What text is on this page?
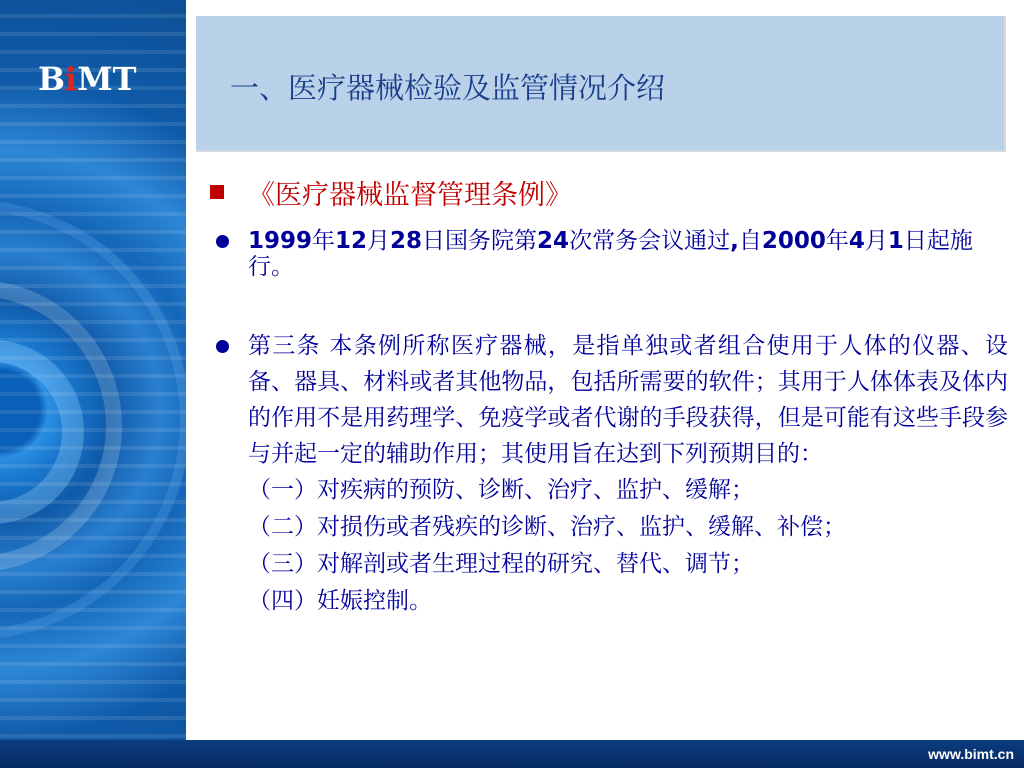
BiMT	一、医疗器械检验及监管情况介绍
《医疗器械监督管理条例》
1999年12月28日国务院第24次常务会议通过,自2000年4月1日起施行。
第三条 本条例所称医疗器械，是指单独或者组合使用于人体的仪器、设备、器具、材料或者其他物品，包括所需要的软件；其用于人体体表及体内的作用不是用药理学、免疫学或者代谢的手段获得，但是可能有这些手段参与并起一定的辅助作用；其使用旨在达到下列预期目的：
（一）对疾病的预防、诊断、治疗、监护、缓解；
（二）对损伤或者残疾的诊断、治疗、监护、缓解、补偿；
（三）对解剖或者生理过程的研究、替代、调节；
（四）妊娠控制。
www.bimt.cn
